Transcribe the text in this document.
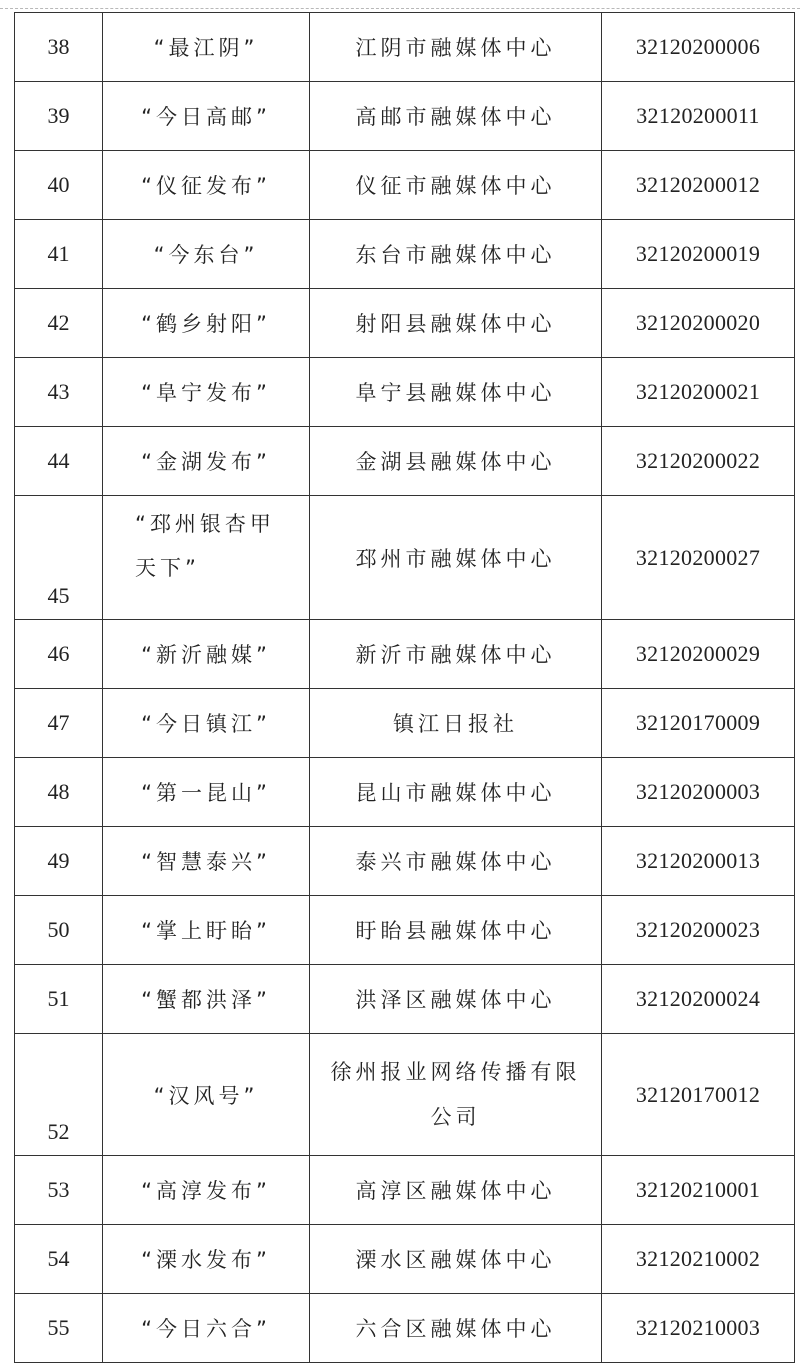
38	“最江阴”	江阴市融媒体中心	32120200006
39	“今日高邮”	高邮市融媒体中心	32120200011
40	“仪征发布”	仪征市融媒体中心	32120200012
41	“今东台”	东台市融媒体中心	32120200019
42	“鹤乡射阳”	射阳县融媒体中心	32120200020
43	“阜宁发布”	阜宁县融媒体中心	32120200021
44	“金湖发布”	金湖县融媒体中心	32120200022
45	“邳州银杏甲天下”	邳州市融媒体中心	32120200027
46	“新沂融媒”	新沂市融媒体中心	32120200029
47	“今日镇江”	镇江日报社	32120170009
48	“第一昆山”	昆山市融媒体中心	32120200003
49	“智慧泰兴”	泰兴市融媒体中心	32120200013
50	“掌上盱眙”	盱眙县融媒体中心	32120200023
51	“蟹都洪泽”	洪泽区融媒体中心	32120200024
52	“汉风号”	徐州报业网络传播有限公司	32120170012
53	“高淳发布”	高淳区融媒体中心	32120210001
54	“溧水发布”	溧水区融媒体中心	32120210002
55	“今日六合”	六合区融媒体中心	32120210003
